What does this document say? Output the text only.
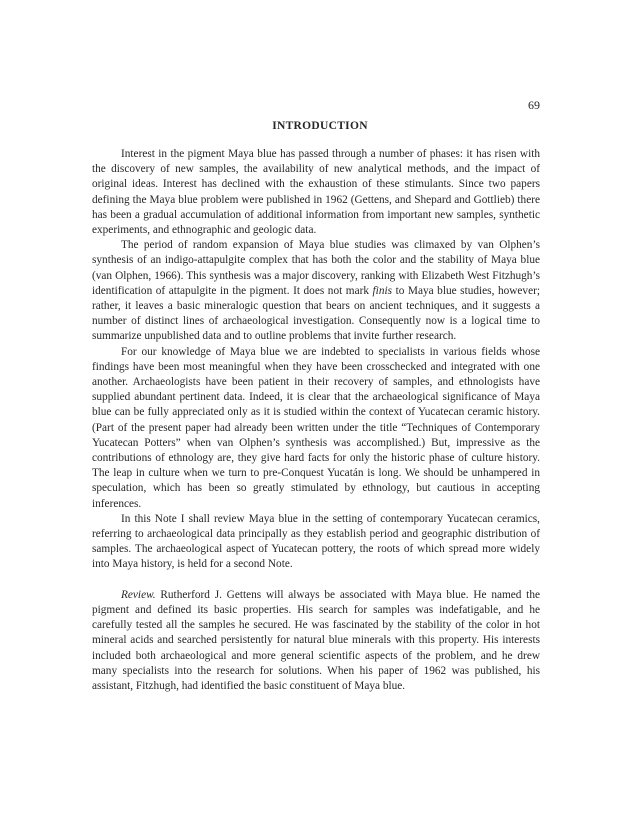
69
INTRODUCTION

Interest in the pigment Maya blue has passed through a number of phases: it has risen with the discovery of new samples, the availability of new analytical methods, and the impact of original ideas. Interest has declined with the exhaustion of these stimulants. Since two papers defining the Maya blue problem were published in 1962 (Gettens, and Shepard and Gottlieb) there has been a gradual accumulation of additional information from important new samples, synthetic experiments, and ethnographic and geologic data.

The period of random expansion of Maya blue studies was climaxed by van Olphen’s synthesis of an indigo-attapulgite complex that has both the color and the stability of Maya blue (van Olphen, 1966). This synthesis was a major discovery, ranking with Elizabeth West Fitzhugh’s identification of attapulgite in the pigment. It does not mark finis to Maya blue studies, however; rather, it leaves a basic mineralogic question that bears on ancient techniques, and it suggests a number of distinct lines of archaeological investigation. Consequently now is a logical time to summarize unpublished data and to outline problems that invite further research.

For our knowledge of Maya blue we are indebted to specialists in various fields whose findings have been most meaningful when they have been crosschecked and integrated with one another. Archaeologists have been patient in their recovery of samples, and ethnologists have supplied abundant pertinent data. Indeed, it is clear that the archaeological significance of Maya blue can be fully appreciated only as it is studied within the context of Yucatecan ceramic history. (Part of the present paper had already been written under the title “Techniques of Contemporary Yucatecan Potters” when van Olphen’s synthesis was accomplished.) But, impressive as the contributions of ethnology are, they give hard facts for only the historic phase of culture history. The leap in culture when we turn to pre-Conquest Yucatán is long. We should be unhampered in speculation, which has been so greatly stimulated by ethnology, but cautious in accepting inferences.

In this Note I shall review Maya blue in the setting of contemporary Yucatecan ceramics, referring to archaeological data principally as they establish period and geographic distribution of samples. The archaeological aspect of Yucatecan pottery, the roots of which spread more widely into Maya history, is held for a second Note.

Review. Rutherford J. Gettens will always be associated with Maya blue. He named the pigment and defined its basic properties. His search for samples was indefatigable, and he carefully tested all the samples he secured. He was fascinated by the stability of the color in hot mineral acids and searched persistently for natural blue minerals with this property. His interests included both archaeological and more general scientific aspects of the problem, and he drew many specialists into the research for solutions. When his paper of 1962 was published, his assistant, Fitzhugh, had identified the basic constituent of Maya blue.
